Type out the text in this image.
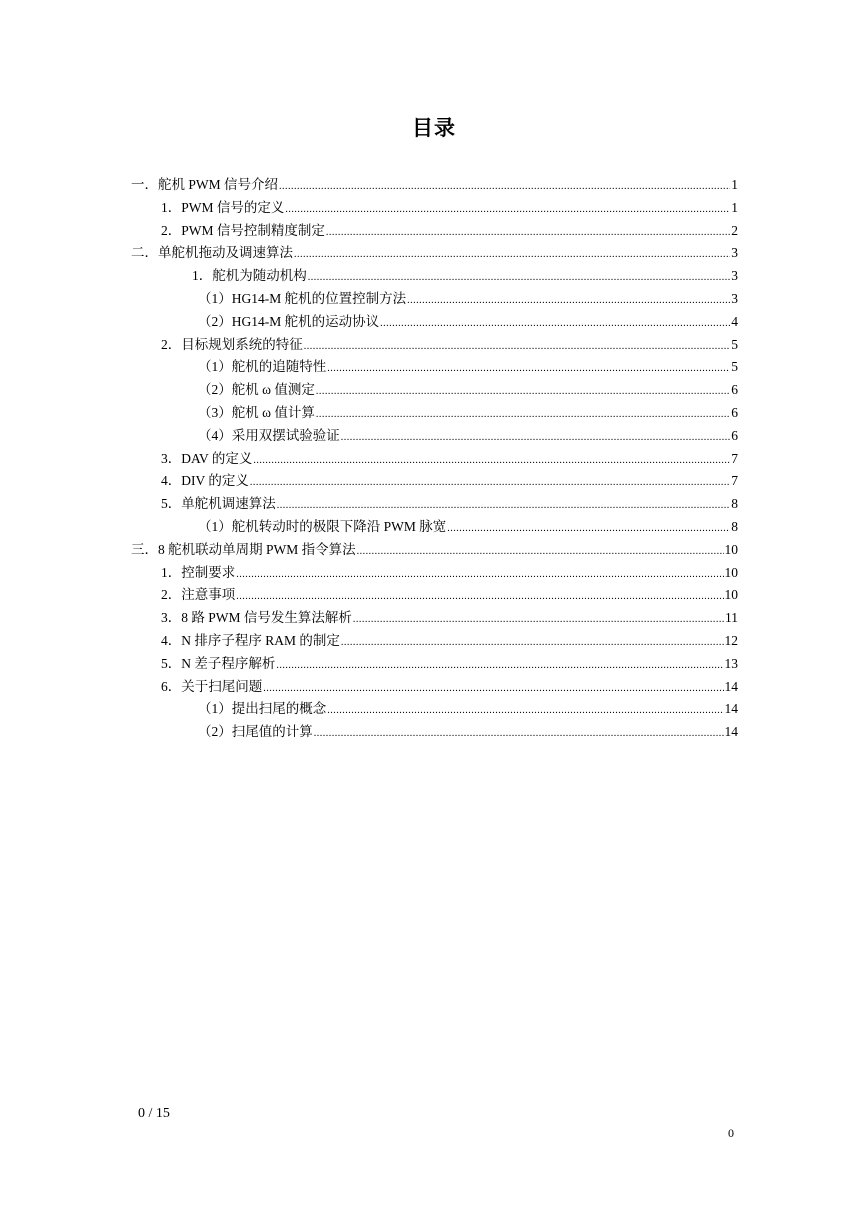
目录
一．舵机 PWM 信号介绍 .....	1
1．PWM 信号的定义 .....	1
2．PWM 信号控制精度制定 .....	2
二．单舵机拖动及调速算法 .....	3
1．舵机为随动机构 .....	3
（1）HG14-M 舵机的位置控制方法 .....	3
（2）HG14-M 舵机的运动协议 .....	4
2．目标规划系统的特征 .....	5
（1）舵机的追随特性 .....	5
（2）舵机 ω 值测定 .....	6
（3）舵机 ω 值计算 .....	6
（4）采用双摆试验验证 .....	6
3．DAV 的定义 .....	7
4．DIV 的定义 .....	7
5．单舵机调速算法 .....	8
（1）舵机转动时的极限下降沿 PWM 脉宽 .....	8
三．8 舵机联动单周期 PWM 指令算法 .....	10
1．控制要求 .....	10
2．注意事项 .....	10
3．8 路 PWM 信号发生算法解析 .....	11
4．N 排序子程序 RAM 的制定 .....	12
5．N 差子程序解析 .....	13
6．关于扫尾问题 .....	14
（1）提出扫尾的概念 .....	14
（2）扫尾值的计算 .....	14
0 / 15
0
